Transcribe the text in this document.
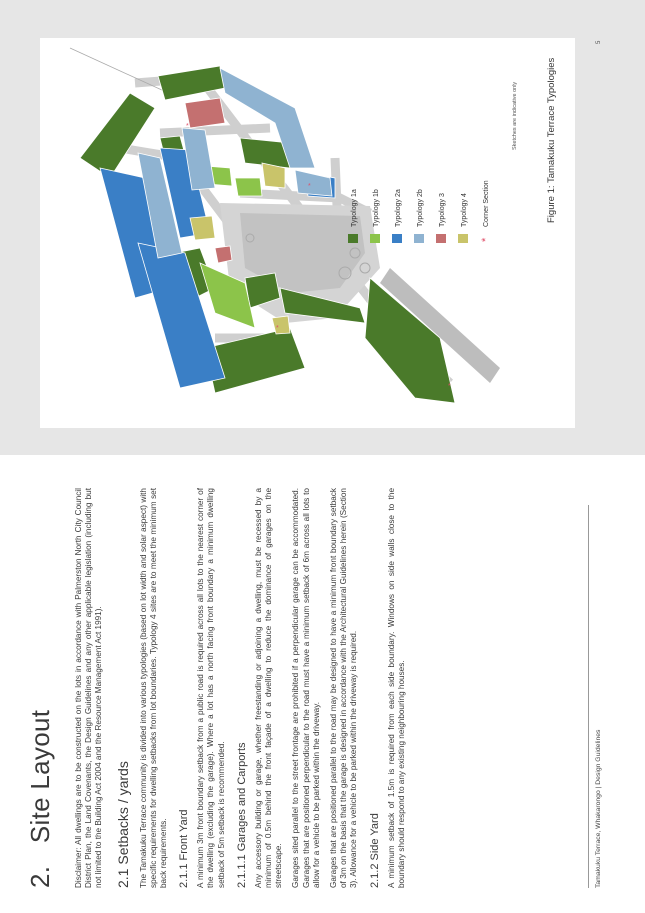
*
*
*
*
Typology 1a Typology 1b Typology 2a Typology 2b Typology 3 Typology 4
*
Corner Section
Sketches are indicative only	Figure 1: Tamakuku Terrace Typologies
5
2.   Site Layout Disclaimer: All dwellings are to be constructed on the lots in accordance with Palmerston North City Council District Plan, the Land Covenants, the Design Guidelines and any other applicable legislation (including but not limited to the Building Act 2004 and the Resource Management Act 1991). 2.1 Setbacks / yards The Tamakuku Terrace community is divided into various typologies (based on lot width and solar aspect) with specific requirements for dwelling setbacks from lot boundaries. Typology 4 sites are to meet the minimum set back requirements. 2.1.1 Front Yard A minimum 3m front boundary setback from a public road is required across all lots to the nearest corner of the dwelling (excluding the garage). Where a lot has a north facing front boundary a minimum dwelling setback of 5m setback is recommended. 2.1.1.1 Garages and Carports Any accessory building or garage, whether freestanding or adjoining a dwelling, must be recessed by a minimum of 0.5m behind the front façade of a dwelling to reduce the dominance of garages on the streetscape. Garages sited parallel to the street frontage are prohibited if a perpendicular garage can be accommodated. Garages that are positioned perpendicular to the road must have a minimum setback of 6m across all lots to allow for a vehicle to be parked within the driveway. Garages that are positioned parallel to the road may be designed to have a minimum front boundary setback of 3m on the basis that the garage is designed in accordance with the Architectural Guidelines herein (Section 3). Allowance for a vehicle to be parked within the driveway is required. 2.1.2 Side Yard A minimum setback of 1.5m is required from each side boundary. Windows on side walls close to the boundary should respond to any existing neighbouring houses.	Tamakuku Terrace, Whakarongo | Design Guidelines
